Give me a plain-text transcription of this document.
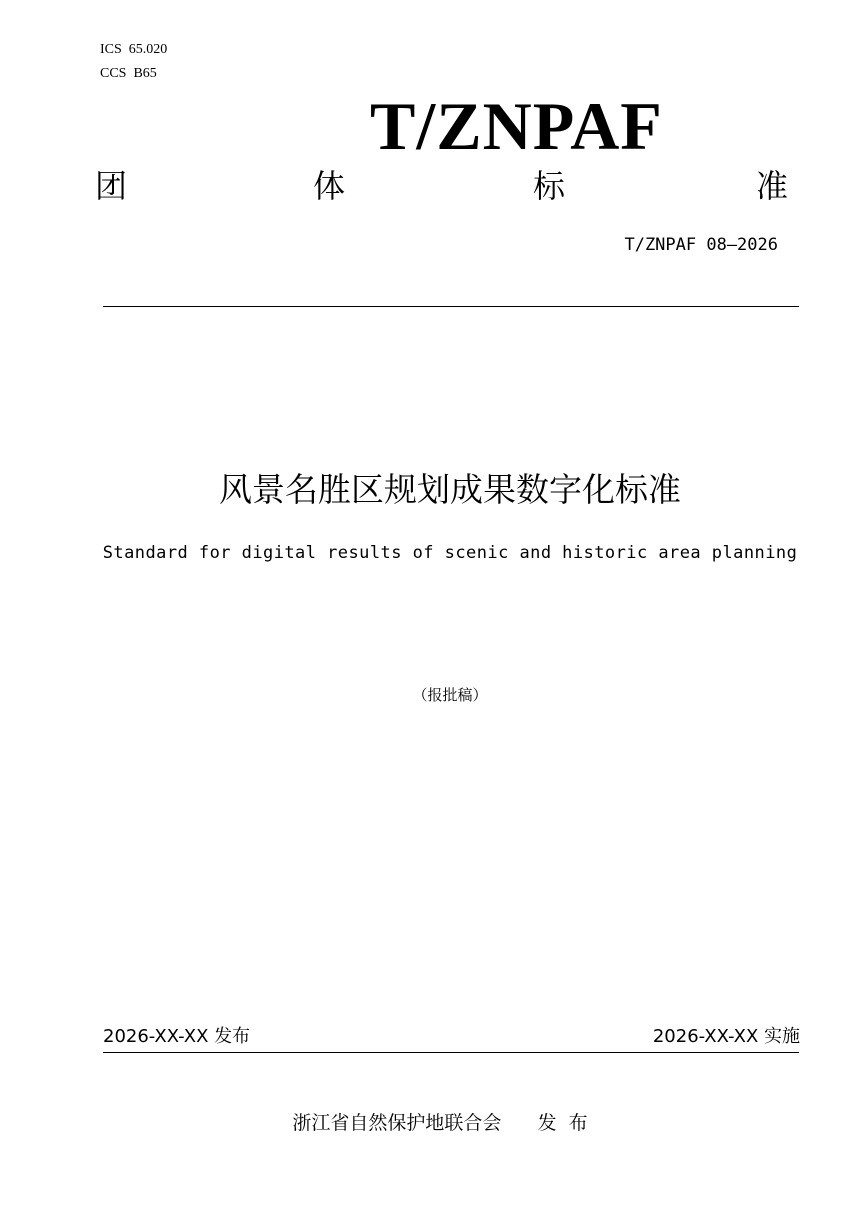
ICS  65.020
CCS  B65
T/ZNPAF
团	体	标	准
T/ZNPAF 08—2026
风景名胜区规划成果数字化标准
Standard for digital results of scenic and historic area planning
（报批稿）
2026-XX-XX 发布	2026-XX-XX 实施
浙江省自然保护地联合会      发  布
